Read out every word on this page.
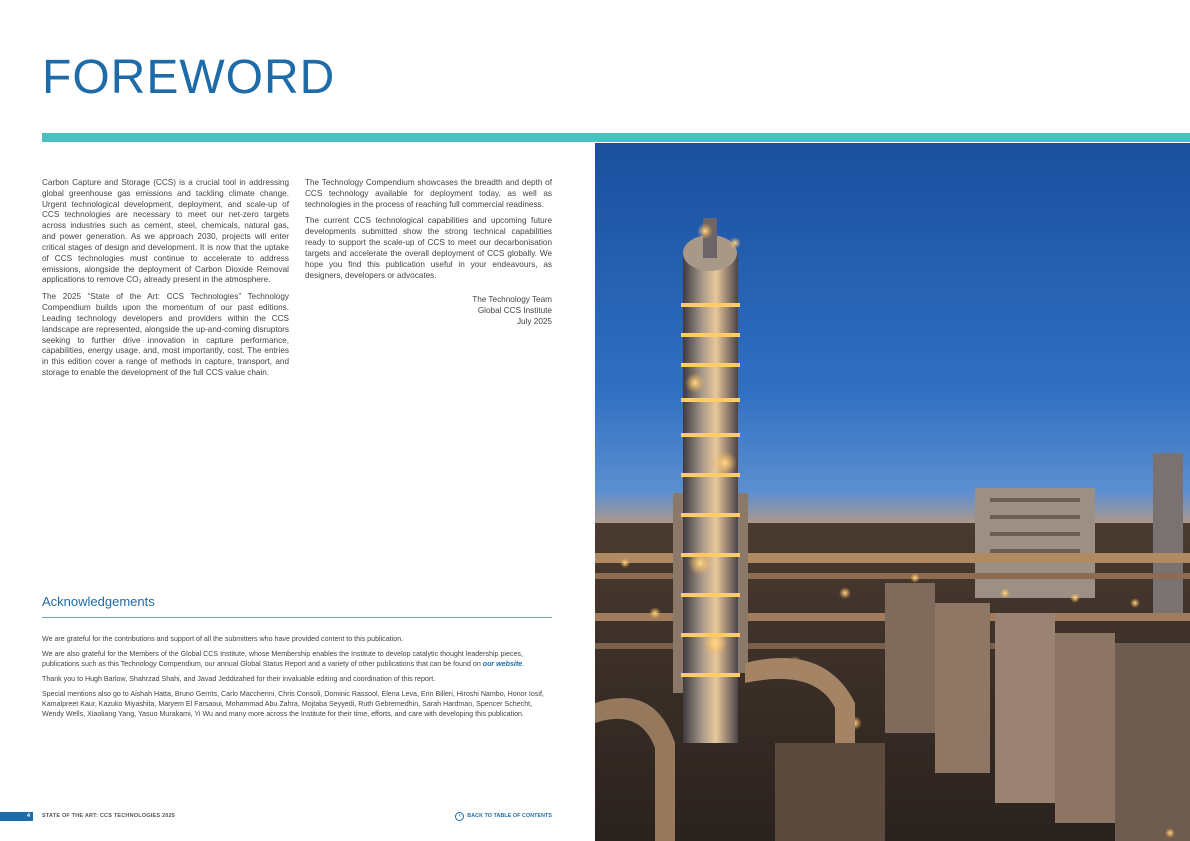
FOREWORD

Carbon Capture and Storage (CCS) is a crucial tool in addressing global greenhouse gas emissions and tackling climate change. Urgent technological development, deployment, and scale-up of CCS technologies are necessary to meet our net-zero targets across industries such as cement, steel, chemicals, natural gas, and power generation. As we approach 2030, projects will enter critical stages of design and development. It is now that the uptake of CCS technologies must continue to accelerate to address emissions, alongside the deployment of Carbon Dioxide Removal applications to remove CO₂ already present in the atmosphere.

The 2025 “State of the Art: CCS Technologies” Technology Compendium builds upon the momentum of our past editions. Leading technology developers and providers within the CCS landscape are represented, alongside the up-and-coming disruptors seeking to further drive innovation in capture performance, capabilities, energy usage, and, most importantly, cost. The entries in this edition cover a range of methods in capture, transport, and storage to enable the development of the full CCS value chain.

The Technology Compendium showcases the breadth and depth of CCS technology available for deployment today, as well as technologies in the process of reaching full commercial readiness.

The current CCS technological capabilities and upcoming future developments submitted show the strong technical capabilities ready to support the scale-up of CCS to meet our decarbonisation targets and accelerate the overall deployment of CCS globally. We hope you find this publication useful in your endeavours, as designers, developers or advocates.

The Technology Team
Global CCS Institute
July 2025
Acknowledgements

We are grateful for the contributions and support of all the submitters who have provided content to this publication.

We are also grateful for the Members of the Global CCS Institute, whose Membership enables the Institute to develop catalytic thought leadership pieces, publications such as this Technology Compendium, our annual Global Status Report and a variety of other publications that can be found on our website.

Thank you to Hugh Barlow, Shahrzad Shahi, and Javad Jeddizahed for their invaluable editing and coordination of this report.

Special mentions also go to Aishah Hatta, Bruno Gerrits, Carlo Maccherini, Chris Consoli, Dominic Rassool, Elena Leva, Erin Billeri, Hiroshi Nambo, Honor Iosif, Kamalpreet Kaur, Kazuko Miyashita, Maryem El Farsaoui, Mohammad Abu Zahra, Mojtaba Seyyedi, Ruth Gebremedhin, Sarah Hardman, Spencer Schecht, Wendy Wells, Xiaoliang Yang, Yasuo Murakami, Yi Wu and many more across the Institute for their time, efforts, and care with developing this publication.

4	STATE OF THE ART: CCS TECHNOLOGIES 2025	‹	BACK TO TABLE OF CONTENTS
